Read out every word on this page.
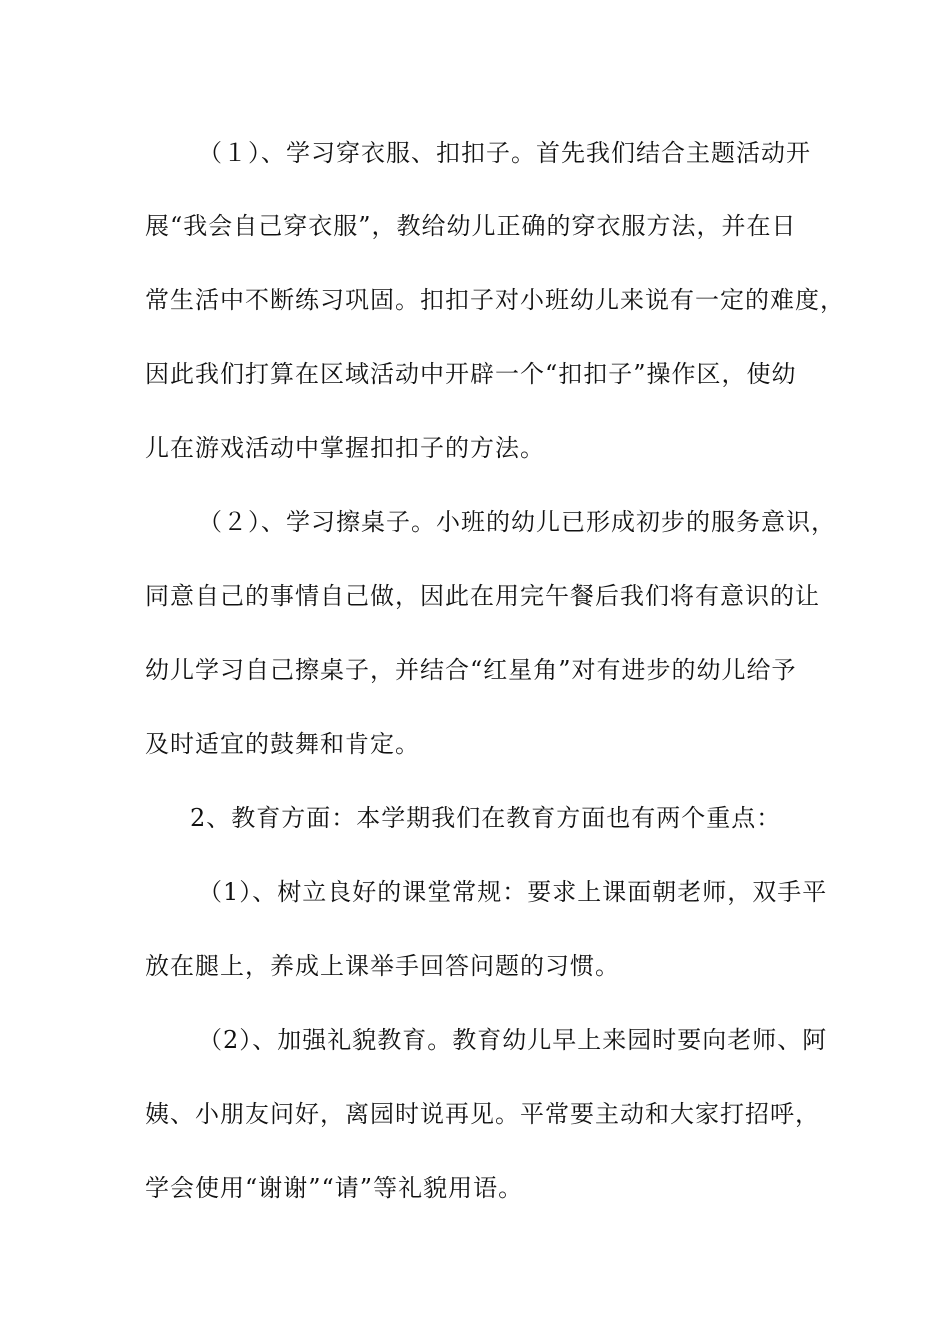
（１）、学习穿衣服、扣扣子。首先我们结合主题活动开
展“我会自己穿衣服”，教给幼儿正确的穿衣服方法，并在日
常生活中不断练习巩固。扣扣子对小班幼儿来说有一定的难度，
因此我们打算在区域活动中开辟一个“扣扣子”操作区，使幼
儿在游戏活动中掌握扣扣子的方法。
（２）、学习擦桌子。小班的幼儿已形成初步的服务意识，
同意自己的事情自己做，因此在用完午餐后我们将有意识的让
幼儿学习自己擦桌子，并结合“红星角”对有进步的幼儿给予
及时适宜的鼓舞和肯定。
2、教育方面：本学期我们在教育方面也有两个重点：
（1）、树立良好的课堂常规：要求上课面朝老师，双手平
放在腿上，养成上课举手回答问题的习惯。
（2）、加强礼貌教育。教育幼儿早上来园时要向老师、阿
姨、小朋友问好，离园时说再见。平常要主动和大家打招呼，
学会使用“谢谢”“请”等礼貌用语。
